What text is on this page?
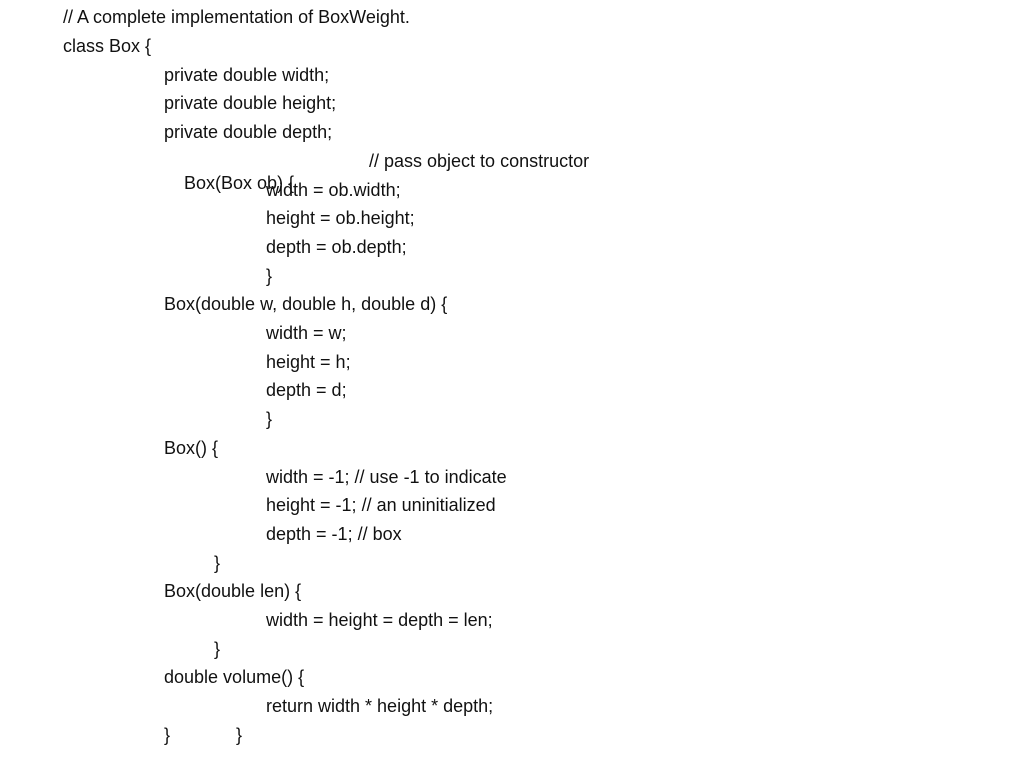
// A complete implementation of BoxWeight.

class Box {

private double width;

private double height;

private double depth;

Box(Box ob) {

// pass object to constructor

width = ob.width;

height = ob.height;

depth = ob.depth;

}

Box(double w, double h, double d) {

width = w;

height = h;

depth = d;

}

Box() {

width = -1; // use -1 to indicate

height = -1; // an uninitialized

depth = -1; // box

}

Box(double len) {

width = height = depth = len;

}

double volume() {

return width * height * depth;

}	}
